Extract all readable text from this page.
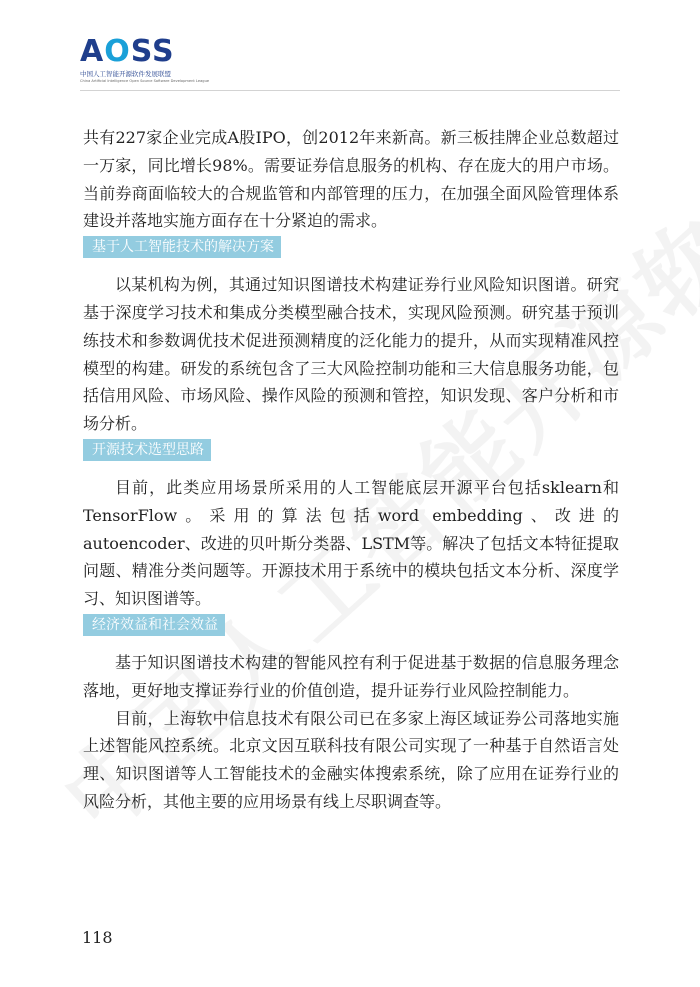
AOSS
中国人工智能开源软件发展联盟
China Artificial Intelligence Open Source Software Development League

共有227家企业完成A股IPO，创2012年来新高。新三板挂牌企业总数超过一万家，同比增长98%。需要证券信息服务的机构、存在庞大的用户市场。当前券商面临较大的合规监管和内部管理的压力，在加强全面风险管理体系建设并落地实施方面存在十分紧迫的需求。

基于人工智能技术的解决方案

以某机构为例，其通过知识图谱技术构建证券行业风险知识图谱。研究基于深度学习技术和集成分类模型融合技术，实现风险预测。研究基于预训练技术和参数调优技术促进预测精度的泛化能力的提升，从而实现精准风控模型的构建。研发的系统包含了三大风险控制功能和三大信息服务功能，包括信用风险、市场风险、操作风险的预测和管控，知识发现、客户分析和市场分析。

开源技术选型思路

目前，此类应用场景所采用的人工智能底层开源平台包括sklearn和TensorFlow。采用的算法包括word embedding、改进的autoencoder、改进的贝叶斯分类器、LSTM等。解决了包括文本特征提取问题、精准分类问题等。开源技术用于系统中的模块包括文本分析、深度学习、知识图谱等。

经济效益和社会效益

基于知识图谱技术构建的智能风控有利于促进基于数据的信息服务理念落地，更好地支撑证券行业的价值创造，提升证券行业风险控制能力。

目前，上海软中信息技术有限公司已在多家上海区域证券公司落地实施上述智能风控系统。北京文因互联科技有限公司实现了一种基于自然语言处理、知识图谱等人工智能技术的金融实体搜索系统，除了应用在证券行业的风险分析，其他主要的应用场景有线上尽职调查等。

118
